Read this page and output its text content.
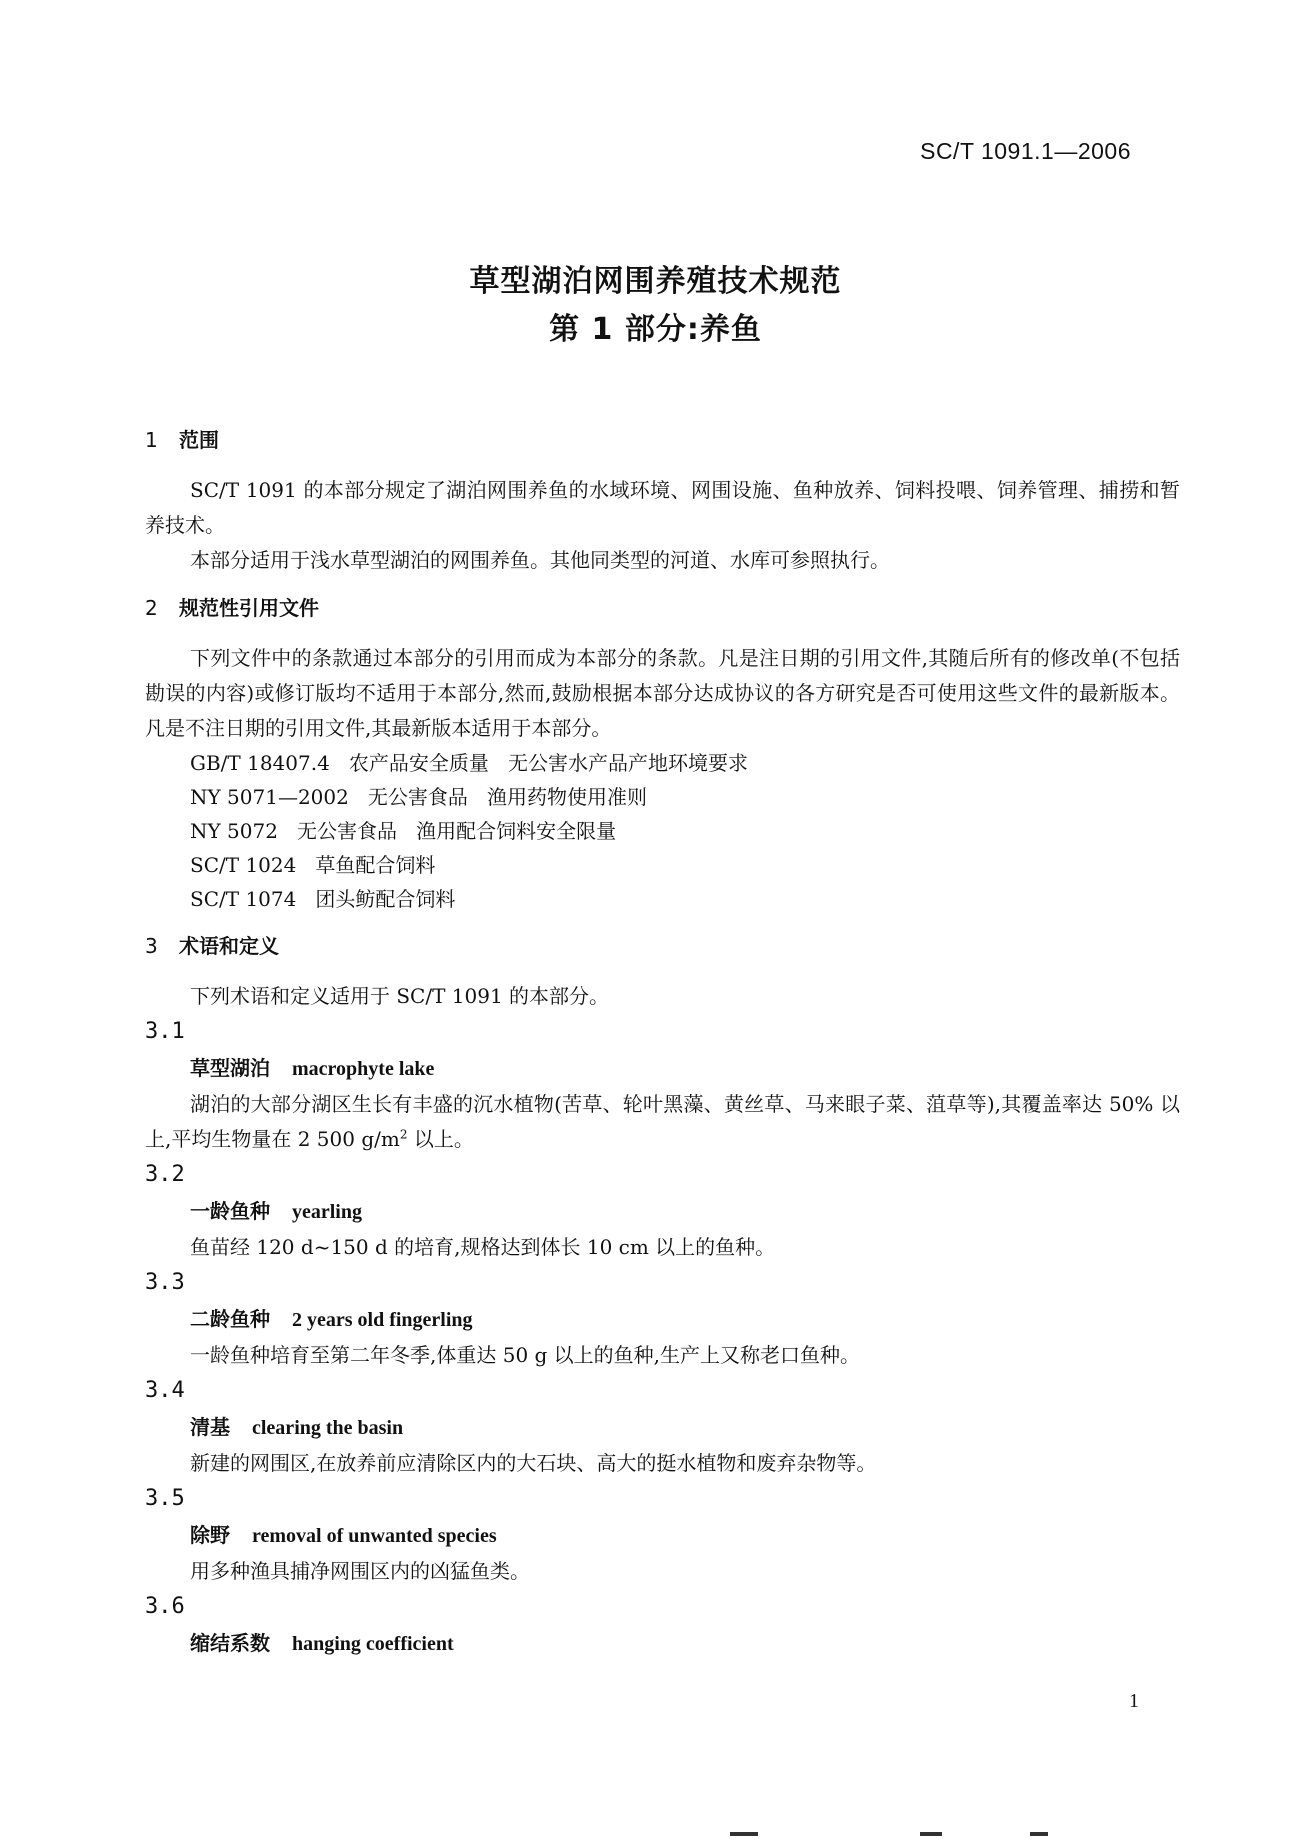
SC/T 1091.1—2006
草型湖泊网围养殖技术规范
第 1 部分:养鱼
1	范围

SC/T 1091 的本部分规定了湖泊网围养鱼的水域环境、网围设施、鱼种放养、饲料投喂、饲养管理、捕捞和暂养技术。

本部分适用于浅水草型湖泊的网围养鱼。其他同类型的河道、水库可参照执行。

2	规范性引用文件

下列文件中的条款通过本部分的引用而成为本部分的条款。凡是注日期的引用文件,其随后所有的修改单(不包括勘误的内容)或修订版均不适用于本部分,然而,鼓励根据本部分达成协议的各方研究是否可使用这些文件的最新版本。凡是不注日期的引用文件,其最新版本适用于本部分。

GB/T 18407.4   农产品安全质量   无公害水产品产地环境要求

NY 5071—2002   无公害食品   渔用药物使用准则

NY 5072   无公害食品   渔用配合饲料安全限量

SC/T 1024   草鱼配合饲料

SC/T 1074   团头鲂配合饲料

3	术语和定义

下列术语和定义适用于 SC/T 1091 的本部分。

3.1

草型湖泊 macrophyte lake

湖泊的大部分湖区生长有丰盛的沉水植物(苦草、轮叶黑藻、黄丝草、马来眼子菜、菹草等),其覆盖率达 50% 以上,平均生物量在 2 500 $g/m^2$ 以上。

3.2

一龄鱼种 yearling

鱼苗经 120 d~150 d 的培育,规格达到体长 10 cm 以上的鱼种。

3.3

二龄鱼种 2 years old fingerling

一龄鱼种培育至第二年冬季,体重达 50 g 以上的鱼种,生产上又称老口鱼种。

3.4

清基 clearing the basin

新建的网围区,在放养前应清除区内的大石块、高大的挺水植物和废弃杂物等。

3.5

除野 removal of unwanted species

用多种渔具捕净网围区内的凶猛鱼类。

3.6

缩结系数 hanging coefficient

1
